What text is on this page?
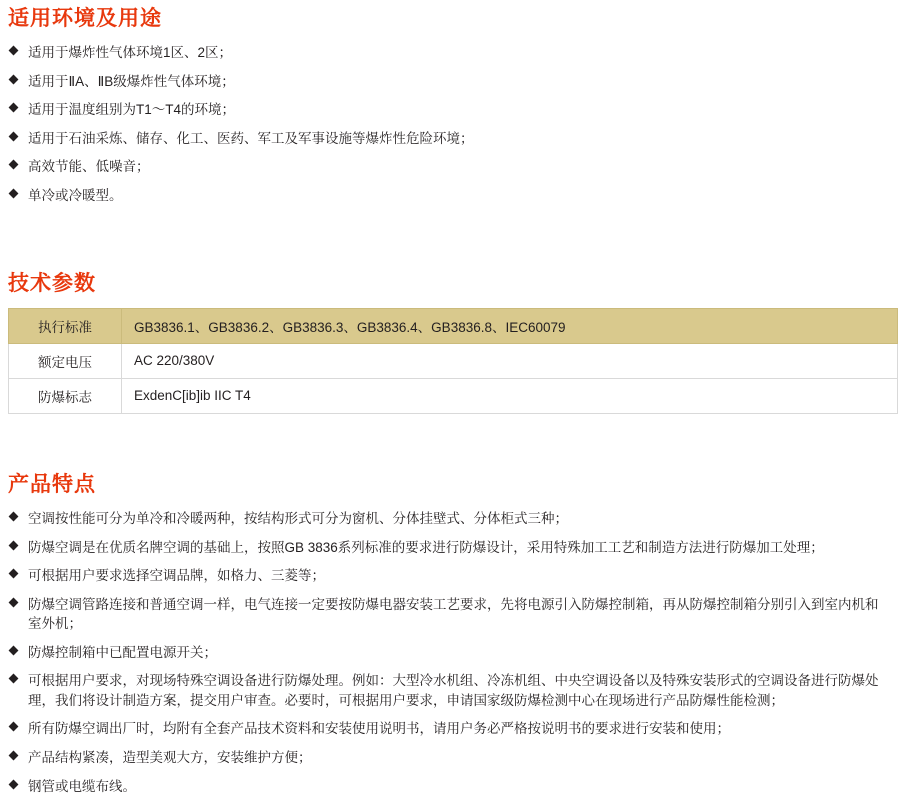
适用环境及用途
适用于爆炸性气体环境1区、2区；
适用于ⅡA、ⅡB级爆炸性气体环境；
适用于温度组别为T1～T4的环境；
适用于石油采炼、储存、化工、医药、军工及军事设施等爆炸性危险环境；
高效节能、低噪音；
单冷或冷暖型。
技术参数
执行标准	GB3836.1、GB3836.2、GB3836.3、GB3836.4、GB3836.8、IEC60079
额定电压	AC 220/380V
防爆标志	ExdenC[ib]ib IIC T4
产品特点
空调按性能可分为单冷和冷暖两种，按结构形式可分为窗机、分体挂壁式、分体柜式三种；
防爆空调是在优质名牌空调的基础上，按照GB 3836系列标准的要求进行防爆设计，采用特殊加工工艺和制造方法进行防爆加工处理；
可根据用户要求选择空调品牌，如格力、三菱等；
防爆空调管路连接和普通空调一样，电气连接一定要按防爆电器安装工艺要求，先将电源引入防爆控制箱，再从防爆控制箱分别引入到室内机和室外机；
防爆控制箱中已配置电源开关；
可根据用户要求，对现场特殊空调设备进行防爆处理。例如：大型冷水机组、冷冻机组、中央空调设备以及特殊安装形式的空调设备进行防爆处理，我们将设计制造方案，提交用户审查。必要时，可根据用户要求，申请国家级防爆检测中心在现场进行产品防爆性能检测；
所有防爆空调出厂时，均附有全套产品技术资料和安装使用说明书，请用户务必严格按说明书的要求进行安装和使用；
产品结构紧凑，造型美观大方，安装维护方便；
钢管或电缆布线。
